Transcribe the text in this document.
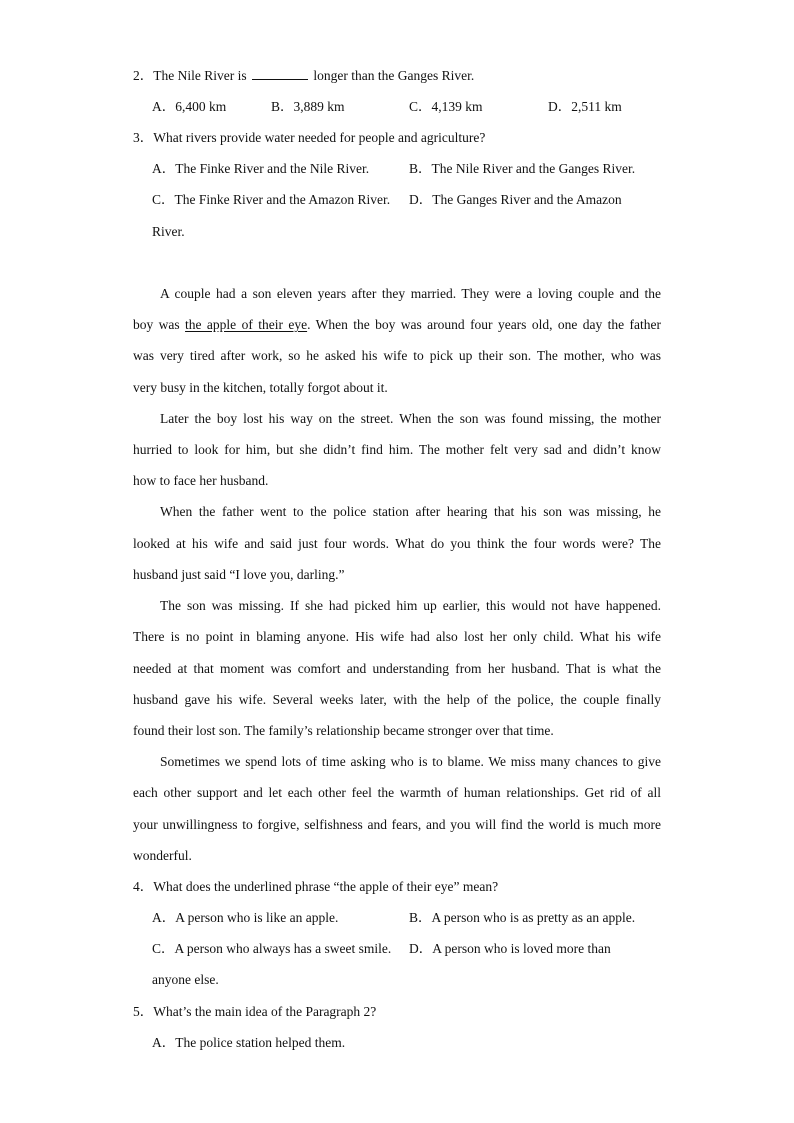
2．The Nile River is	longer than the Ganges River.
A．6,400 km	B．3,889 km	C．4,139 km	D．2,511 km
3．What rivers provide water needed for people and agriculture?
A．The Finke River and the Nile River.	B．The Nile River and the Ganges River.
C．The Finke River and the Amazon River. D．The Ganges River and the Amazon
River.
A couple had a son eleven years after they married. They were a loving couple and the
boy was the apple of their eye. When the boy was around four years old, one day the father
was very tired after work, so he asked his wife to pick up their son. The mother, who was
very busy in the kitchen, totally forgot about it.
Later the boy lost his way on the street. When the son was found missing, the mother
hurried to look for him, but she didn’t find him. The mother felt very sad and didn’t know
how to face her husband.
When the father went to the police station after hearing that his son was missing, he
looked at his wife and said just four words. What do you think the four words were? The
husband just said “I love you, darling.”
The son was missing. If she had picked him up earlier, this would not have happened.
There is no point in blaming anyone. His wife had also lost her only child. What his wife
needed at that moment was comfort and understanding from her husband. That is what the
husband gave his wife. Several weeks later, with the help of the police, the couple finally
found their lost son. The family’s relationship became stronger over that time.
Sometimes we spend lots of time asking who is to blame. We miss many chances to give
each other support and let each other feel the warmth of human relationships. Get rid of all
your unwillingness to forgive, selfishness and fears, and you will find the world is much more
wonderful.
4．What does the underlined phrase “the apple of their eye” mean?
A．A person who is like an apple.	B．A person who is as pretty as an apple.
C．A person who always has a sweet smile. D．A person who is loved more than
anyone else.
5．What’s the main idea of the Paragraph 2?
A．The police station helped them.
